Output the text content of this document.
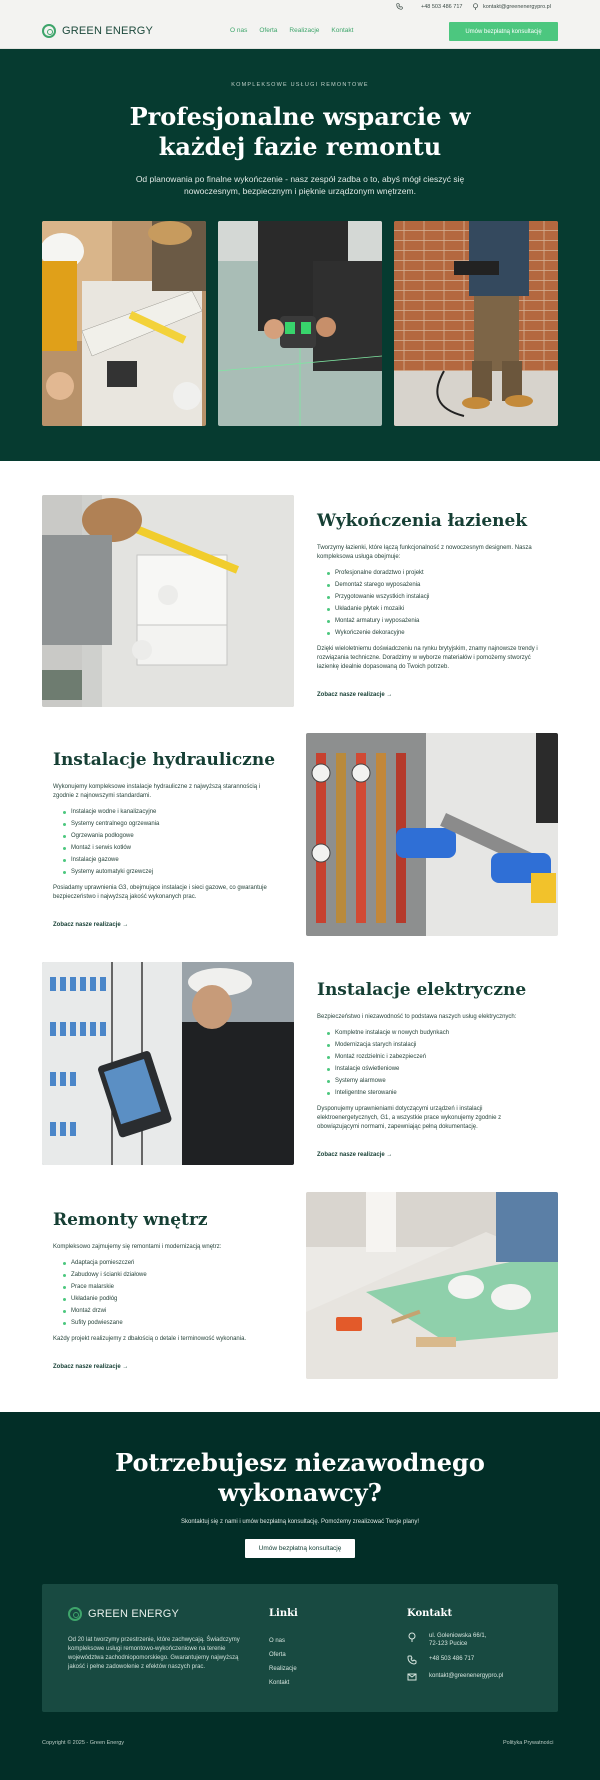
+48 503 486 717	kontakt@greenenergypro.pl
GREEN ENERGY	O nas Oferta Realizacje Kontakt	Umów bezpłatną konsultację
KOMPLEKSOWE USŁUGI REMONTOWE
Profesjonalne wsparcie w każdej fazie remontu
Od planowania po finalne wykończenie - nasz zespół zadba o to, abyś mógł cieszyć się nowoczesnym, bezpiecznym i pięknie urządzonym wnętrzem.
Wykończenia łazienek

Tworzymy łazienki, które łączą funkcjonalność z nowoczesnym designem. Nasza kompleksowa usługa obejmuje:

Profesjonalne doradztwo i projekt
Demontaż starego wyposażenia
Przygotowanie wszystkich instalacji
Układanie płytek i mozaiki
Montaż armatury i wyposażenia
Wykończenie dekoracyjne

Dzięki wieloletniemu doświadczeniu na rynku brytyjskim, znamy najnowsze trendy i rozwiązania techniczne. Doradzimy w wyborze materiałów i pomożemy stworzyć łazienkę idealnie dopasowaną do Twoich potrzeb.

Zobacz nasze realizacje →
Instalacje hydrauliczne

Wykonujemy kompleksowe instalacje hydrauliczne z najwyższą starannością i zgodnie z najnowszymi standardami.

Instalacje wodne i kanalizacyjne
Systemy centralnego ogrzewania
Ogrzewania podłogowe
Montaż i serwis kotłów
Instalacje gazowe
Systemy automatyki grzewczej

Posiadamy uprawnienia G3, obejmujące instalacje i sieci gazowe, co gwarantuje bezpieczeństwo i najwyższą jakość wykonanych prac.

Zobacz nasze realizacje →
Instalacje elektryczne

Bezpieczeństwo i niezawodność to podstawa naszych usług elektrycznych:

Kompletne instalacje w nowych budynkach
Modernizacja starych instalacji
Montaż rozdzielnic i zabezpieczeń
Instalacje oświetleniowe
Systemy alarmowe
Inteligentne sterowanie

Dysponujemy uprawnieniami dotyczącymi urządzeń i instalacji elektroenergetycznych, G1, a wszystkie prace wykonujemy zgodnie z obowiązującymi normami, zapewniając pełną dokumentację.

Zobacz nasze realizacje →
Remonty wnętrz

Kompleksowo zajmujemy się remontami i modernizacją wnętrz:

Adaptacja pomieszczeń
Zabudowy i ścianki działowe
Prace malarskie
Układanie podłóg
Montaż drzwi
Sufity podwieszane

Każdy projekt realizujemy z dbałością o detale i terminowość wykonania.

Zobacz nasze realizacje →
Potrzebujesz niezawodnego wykonawcy?
Skontaktuj się z nami i umów bezpłatną konsultację. Pomożemy zrealizować Twoje plany!
Umów bezpłatną konsultację
GREEN ENERGY
Od 20 lat tworzymy przestrzenie, które zachwycają. Świadczymy kompleksowe usługi remontowo-wykończeniowe na terenie województwa zachodniopomorskiego. Gwarantujemy najwyższą jakość i pełne zadowolenie z efektów naszych prac.
Linki
O nas
Oferta
Realizacje
Kontakt
Kontakt
ul. Goleniowska 66/1,
72-123 Pucice
+48 503 486 717
kontakt@greenenergypro.pl
Copyright © 2025 - Green Energy	Polityka Prywatności
